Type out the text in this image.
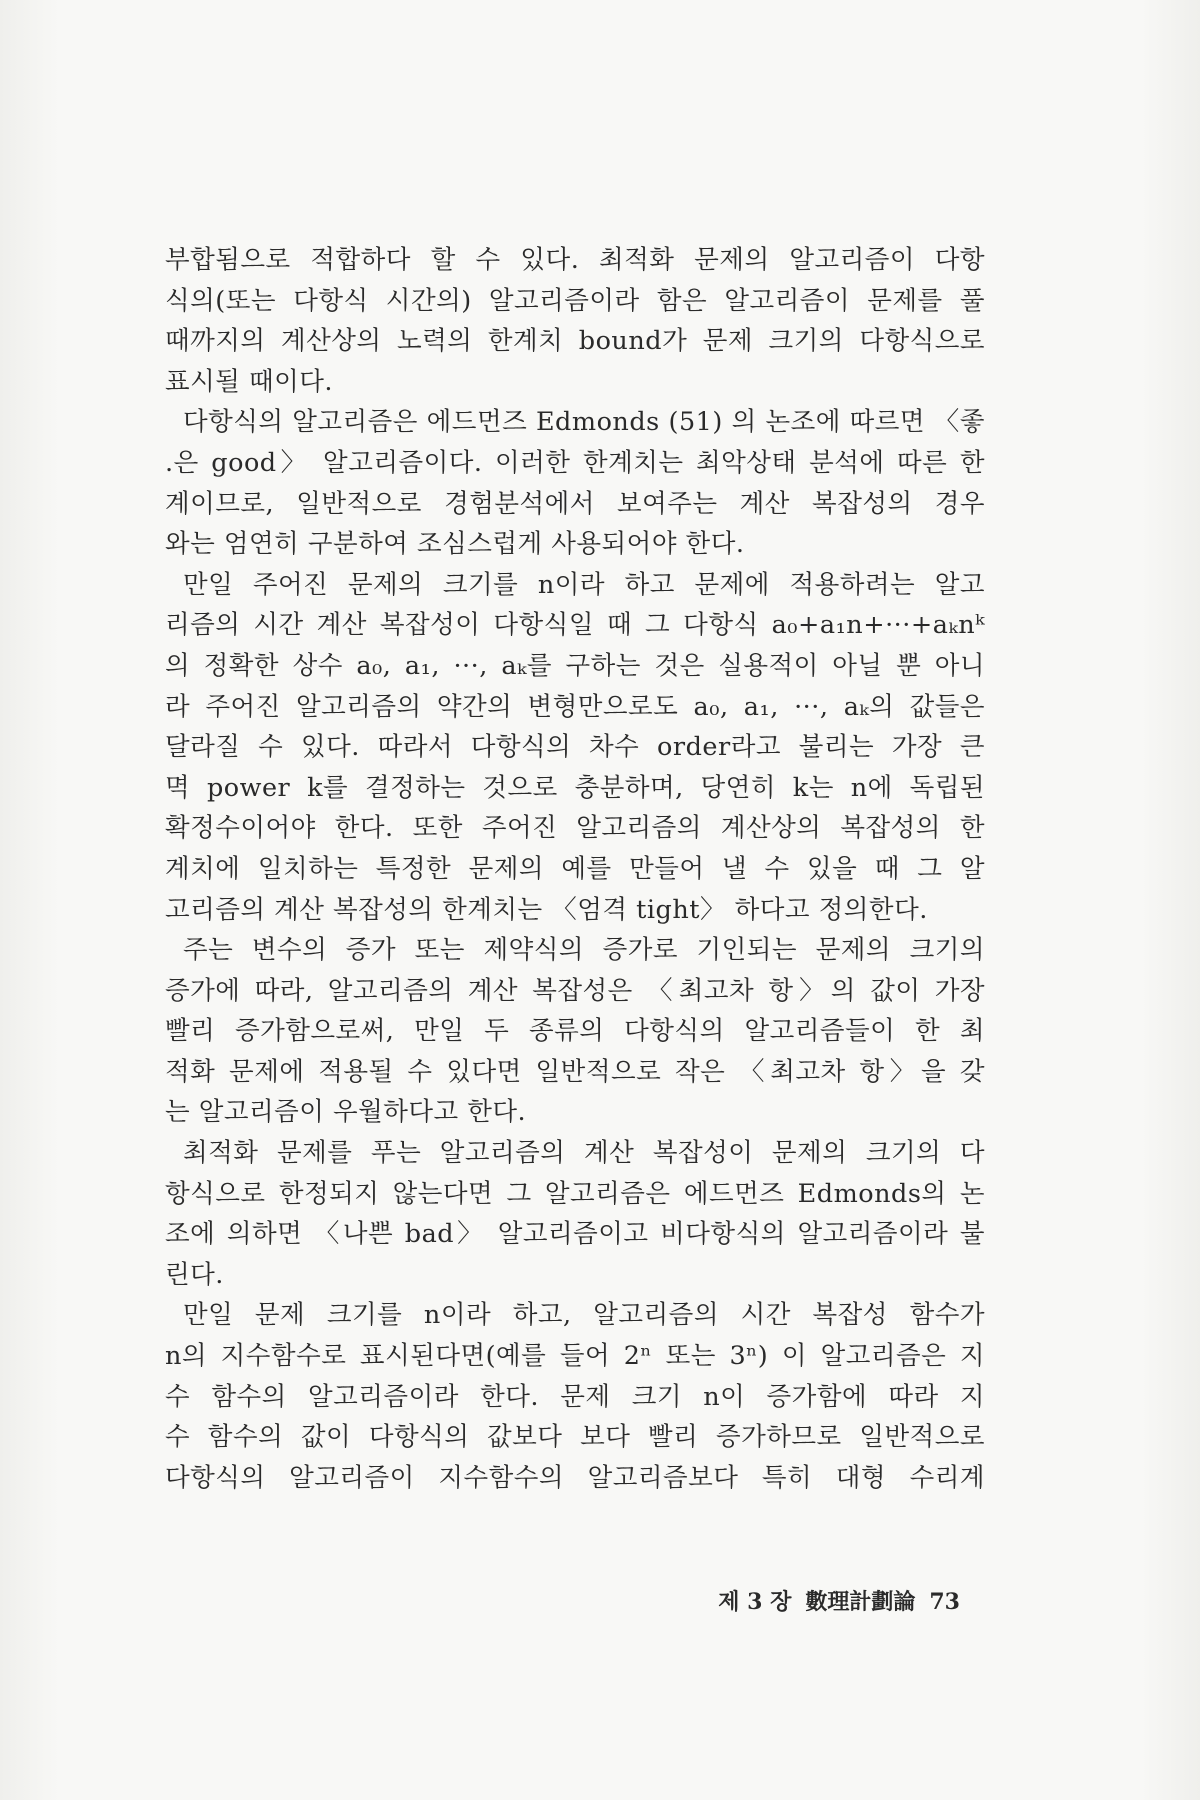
부합됨으로 적합하다 할 수 있다. 최적화 문제의 알고리즘이 다항
식의(또는 다항식 시간의) 알고리즘이라 함은 알고리즘이 문제를 풀
때까지의 계산상의 노력의 한계치 bound가 문제 크기의 다항식으로
표시될 때이다.
다항식의 알고리즘은 에드먼즈 Edmonds (51) 의 논조에 따르면 〈좋
.은 good〉 알고리즘이다. 이러한 한계치는 최악상태 분석에 따른 한
계이므로, 일반적으로 경험분석에서 보여주는 계산 복잡성의 경우
와는 엄연히 구분하여 조심스럽게 사용되어야 한다.
만일 주어진 문제의 크기를 n이라 하고 문제에 적용하려는 알고
리즘의 시간 계산 복잡성이 다항식일 때 그 다항식 a₀+a₁n+···+aₖnᵏ
의 정확한 상수 a₀, a₁, ···, aₖ를 구하는 것은 실용적이 아닐 뿐 아니
라 주어진 알고리즘의 약간의 변형만으로도 a₀, a₁, ···, aₖ의 값들은
달라질 수 있다. 따라서 다항식의 차수 order라고 불리는 가장 큰
멱 power k를 결정하는 것으로 충분하며, 당연히 k는 n에 독립된
확정수이어야 한다. 또한 주어진 알고리즘의 계산상의 복잡성의 한
계치에 일치하는 특정한 문제의 예를 만들어 낼 수 있을 때 그 알
고리즘의 계산 복잡성의 한계치는 〈엄격 tight〉 하다고 정의한다.
주는 변수의 증가 또는 제약식의 증가로 기인되는 문제의 크기의
증가에 따라, 알고리즘의 계산 복잡성은 〈최고차 항〉의 값이 가장
빨리 증가함으로써, 만일 두 종류의 다항식의 알고리즘들이 한 최
적화 문제에 적용될 수 있다면 일반적으로 작은 〈최고차 항〉을 갖
는 알고리즘이 우월하다고 한다.
최적화 문제를 푸는 알고리즘의 계산 복잡성이 문제의 크기의 다
항식으로 한정되지 않는다면 그 알고리즘은 에드먼즈 Edmonds의 논
조에 의하면 〈나쁜 bad〉 알고리즘이고 비다항식의 알고리즘이라 불
린다.
만일 문제 크기를 n이라 하고, 알고리즘의 시간 복잡성 함수가
n의 지수함수로 표시된다면(예를 들어 2ⁿ 또는 3ⁿ) 이 알고리즘은 지
수 함수의 알고리즘이라 한다. 문제 크기 n이 증가함에 따라 지
수 함수의 값이 다항식의 값보다 보다 빨리 증가하므로 일반적으로
다항식의 알고리즘이 지수함수의 알고리즘보다 특히 대형 수리계
제 3 장 數理計劃論 73
